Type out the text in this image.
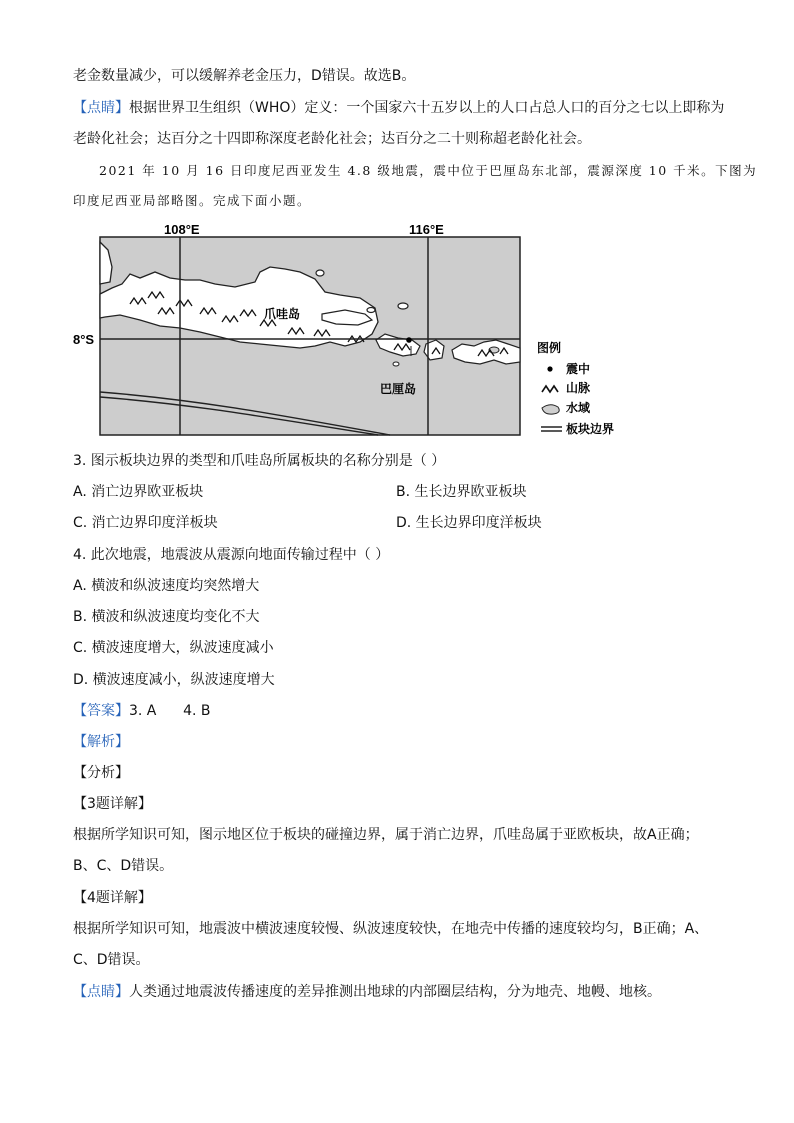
老金数量减少，可以缓解养老金压力，D错误。故选B。
【点睛】根据世界卫生组织（WHO）定义：一个国家六十五岁以上的人口占总人口的百分之七以上即称为
老龄化社会；达百分之十四即称深度老龄化社会；达百分之二十则称超老龄化社会。
2021 年 10 月 16 日印度尼西亚发生 4.8 级地震，震中位于巴厘岛东北部，震源深度 10 千米。下图为
印度尼西亚局部略图。完成下面小题。
108°E	116°E
8°S
爪哇岛
巴厘岛
图例
震中
山脉
水域
板块边界
3. 图示板块边界的类型和爪哇岛所属板块的名称分别是（ ）
A. 消亡边界欧亚板块	B. 生长边界欧亚板块
C. 消亡边界印度洋板块	D. 生长边界印度洋板块
4. 此次地震，地震波从震源向地面传输过程中（ ）
A. 横波和纵波速度均突然增大
B. 横波和纵波速度均变化不大
C. 横波速度增大，纵波速度减小
D. 横波速度减小，纵波速度增大
【答案】3. A      4. B
【解析】
【分析】
【3题详解】
根据所学知识可知，图示地区位于板块的碰撞边界，属于消亡边界，爪哇岛属于亚欧板块，故A正确；
B、C、D错误。
【4题详解】
根据所学知识可知，地震波中横波速度较慢、纵波速度较快，在地壳中传播的速度较均匀，B正确；A、
C、D错误。
【点睛】人类通过地震波传播速度的差异推测出地球的内部圈层结构，分为地壳、地幔、地核。
